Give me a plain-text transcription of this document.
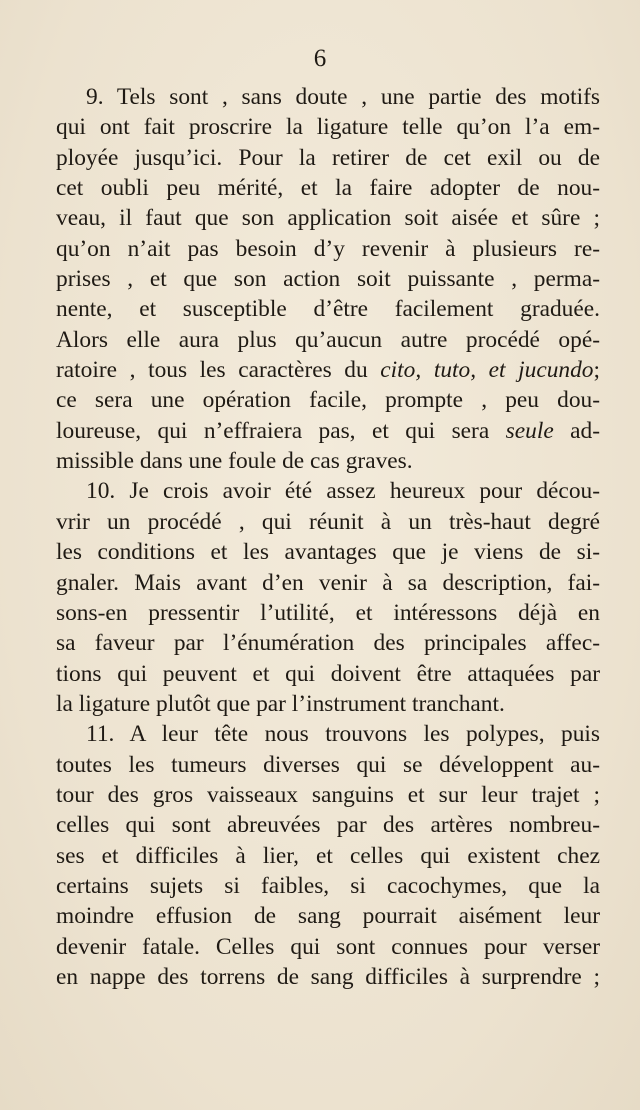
6
9. Tels sont , sans doute , une partie des motifs
qui ont fait proscrire la ligature telle qu’on l’a em-
ployée jusqu’ici. Pour la retirer de cet exil ou de
cet oubli peu mérité, et la faire adopter de nou-
veau, il faut que son application soit aisée et sûre ;
qu’on n’ait pas besoin d’y revenir à plusieurs re-
prises , et que son action soit puissante , perma-
nente, et susceptible d’être facilement graduée.
Alors elle aura plus qu’aucun autre procédé opé-
ratoire , tous les caractères du cito, tuto, et jucundo;
ce sera une opération facile, prompte , peu dou-
loureuse, qui n’effraiera pas, et qui sera seule ad-
missible dans une foule de cas graves.
10. Je crois avoir été assez heureux pour décou-
vrir un procédé , qui réunit à un très-haut degré
les conditions et les avantages que je viens de si-
gnaler. Mais avant d’en venir à sa description, fai-
sons-en pressentir l’utilité, et intéressons déjà en
sa faveur par l’énumération des principales affec-
tions qui peuvent et qui doivent être attaquées par
la ligature plutôt que par l’instrument tranchant.
11. A leur tête nous trouvons les polypes, puis
toutes les tumeurs diverses qui se développent au-
tour des gros vaisseaux sanguins et sur leur trajet ;
celles qui sont abreuvées par des artères nombreu-
ses et difficiles à lier, et celles qui existent chez
certains sujets si faibles, si cacochymes, que la
moindre effusion de sang pourrait aisément leur
devenir fatale. Celles qui sont connues pour verser
en nappe des torrens de sang difficiles à surprendre ;
